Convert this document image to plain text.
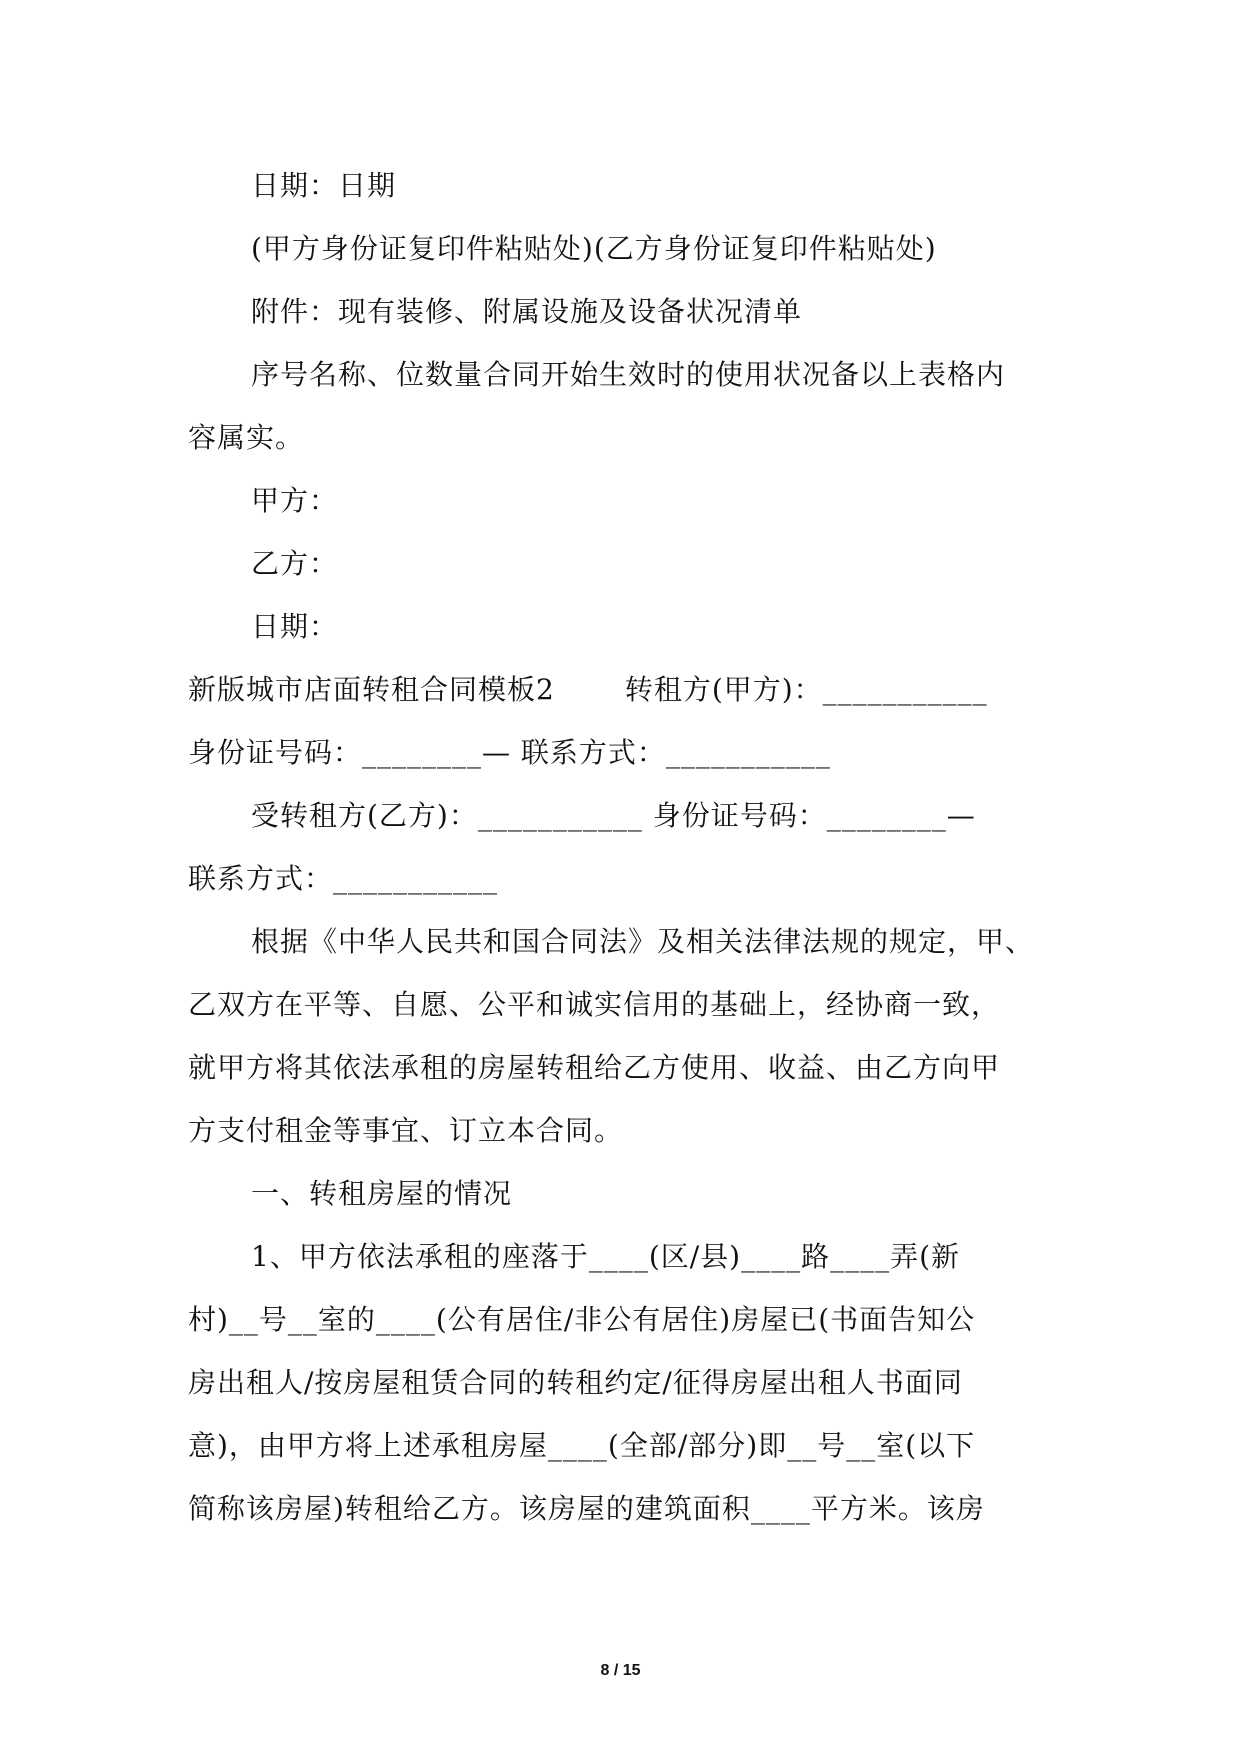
日期：日期
(甲方身份证复印件粘贴处)(乙方身份证复印件粘贴处)
附件：现有装修、附属设施及设备状况清单
序号名称、位数量合同开始生效时的使用状况备以上表格内
容属实。
甲方：
乙方：
日期：
新版城市店面转租合同模板2	转租方(甲方)：___________
身份证号码：________— 联系方式：___________
受转租方(乙方)：___________ 身份证号码：________—
联系方式：___________
根据《中华人民共和国合同法》及相关法律法规的规定，甲、
乙双方在平等、自愿、公平和诚实信用的基础上，经协商一致，
就甲方将其依法承租的房屋转租给乙方使用、收益、由乙方向甲
方支付租金等事宜、订立本合同。
一、转租房屋的情况
1、甲方依法承租的座落于____(区/县)____路____弄(新
村)__号__室的____(公有居住/非公有居住)房屋已(书面告知公
房出租人/按房屋租赁合同的转租约定/征得房屋出租人书面同
意)，由甲方将上述承租房屋____(全部/部分)即__号__室(以下
简称该房屋)转租给乙方。该房屋的建筑面积____平方米。该房
8 / 15
